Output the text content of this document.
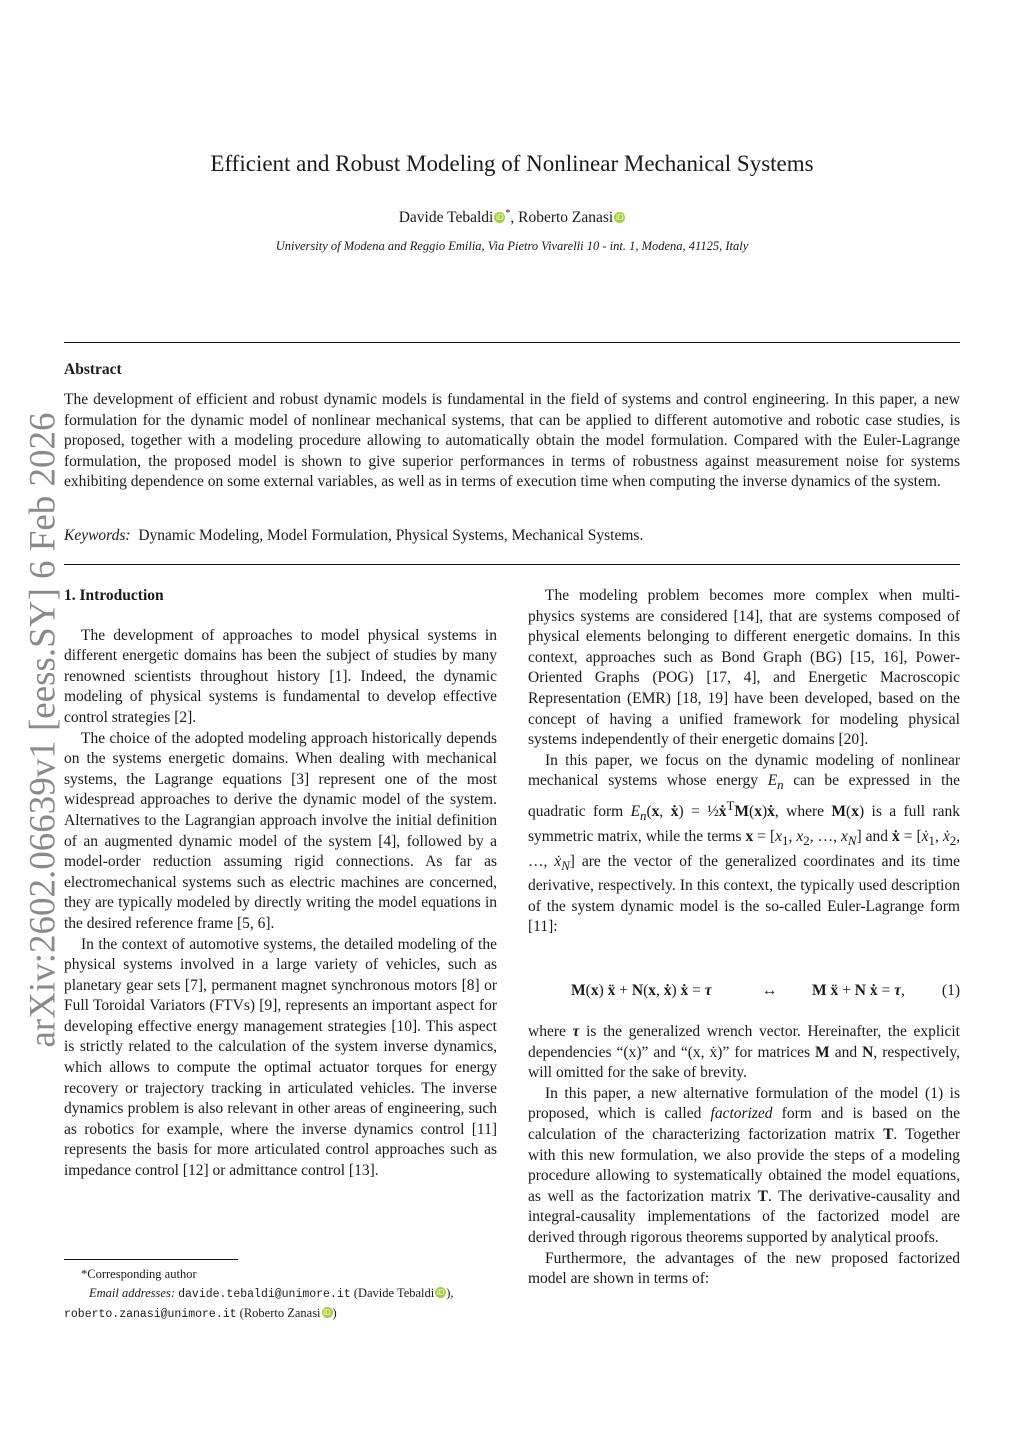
arXiv:2602.06639v1 [eess.SY] 6 Feb 2026
Efficient and Robust Modeling of Nonlinear Mechanical Systems
Davide Tebaldi iD *, Roberto Zanasi iD
University of Modena and Reggio Emilia, Via Pietro Vivarelli 10 - int. 1, Modena, 41125, Italy
Abstract
The development of efficient and robust dynamic models is fundamental in the field of systems and control engineering. In this paper, a new formulation for the dynamic model of nonlinear mechanical systems, that can be applied to different automotive and robotic case studies, is proposed, together with a modeling procedure allowing to automatically obtain the model formulation. Compared with the Euler-Lagrange formulation, the proposed model is shown to give superior performances in terms of robustness against measurement noise for systems exhibiting dependence on some external variables, as well as in terms of execution time when computing the inverse dynamics of the system.
Keywords: Dynamic Modeling, Model Formulation, Physical Systems, Mechanical Systems.
1. Introduction

The development of approaches to model physical systems in different energetic domains has been the subject of studies by many renowned scientists throughout history [1]. Indeed, the dynamic modeling of physical systems is fundamental to develop effective control strategies [2].

The choice of the adopted modeling approach historically depends on the systems energetic domains. When dealing with mechanical systems, the Lagrange equations [3] represent one of the most widespread approaches to derive the dynamic model of the system. Alternatives to the Lagrangian approach involve the initial definition of an augmented dynamic model of the system [4], followed by a model-order reduction assuming rigid connections. As far as electromechanical systems such as electric machines are concerned, they are typically modeled by directly writing the model equations in the desired reference frame [5, 6].

In the context of automotive systems, the detailed modeling of the physical systems involved in a large variety of vehicles, such as planetary gear sets [7], permanent magnet synchronous motors [8] or Full Toroidal Variators (FTVs) [9], represents an important aspect for developing effective energy management strategies [10]. This aspect is strictly related to the calculation of the system inverse dynamics, which allows to compute the optimal actuator torques for energy recovery or trajectory tracking in articulated vehicles. The inverse dynamics problem is also relevant in other areas of engineering, such as robotics for example, where the inverse dynamics control [11] represents the basis for more articulated control approaches such as impedance control [12] or admittance control [13].

*Corresponding author
Email addresses: davide.tebaldi@unimore.it (Davide Tebaldi iD ),
roberto.zanasi@unimore.it (Roberto Zanasi iD )

The modeling problem becomes more complex when multi-physics systems are considered [14], that are systems composed of physical elements belonging to different energetic domains. In this context, approaches such as Bond Graph (BG) [15, 16], Power-Oriented Graphs (POG) [17, 4], and Energetic Macroscopic Representation (EMR) [18, 19] have been developed, based on the concept of having a unified framework for modeling physical systems independently of their energetic domains [20].

In this paper, we focus on the dynamic modeling of nonlinear mechanical systems whose energy $E_n$ can be expressed in the quadratic form $E_n(x$, ẋ) = ½ẋ$^T$M(x)ẋ, where M(x) is a full rank symmetric matrix, while the terms $x = [x_1$, $x_2$, …, $x_N$] and ẋ = [ẋ$_1$, ẋ$_2$, …, ẋ$_N$] are the vector of the generalized coordinates and its time derivative, respectively. In this context, the typically used description of the system dynamic model is the so-called Euler-Lagrange form [11]:

M(x) ẍ + N(x, ẋ) ẋ = τ	↔ M ẍ + N ẋ = τ, (1)

where τ is the generalized wrench vector. Hereinafter, the explicit dependencies “(x)” and “(x, ẋ)” for matrices M and N, respectively, will omitted for the sake of brevity.

In this paper, a new alternative formulation of the model (1) is proposed, which is called factorized form and is based on the calculation of the characterizing factorization matrix T. Together with this new formulation, we also provide the steps of a modeling procedure allowing to systematically obtained the model equations, as well as the factorization matrix T. The derivative-causality and integral-causality implementations of the factorized model are derived through rigorous theorems supported by analytical proofs.

Furthermore, the advantages of the new proposed factorized model are shown in terms of:
